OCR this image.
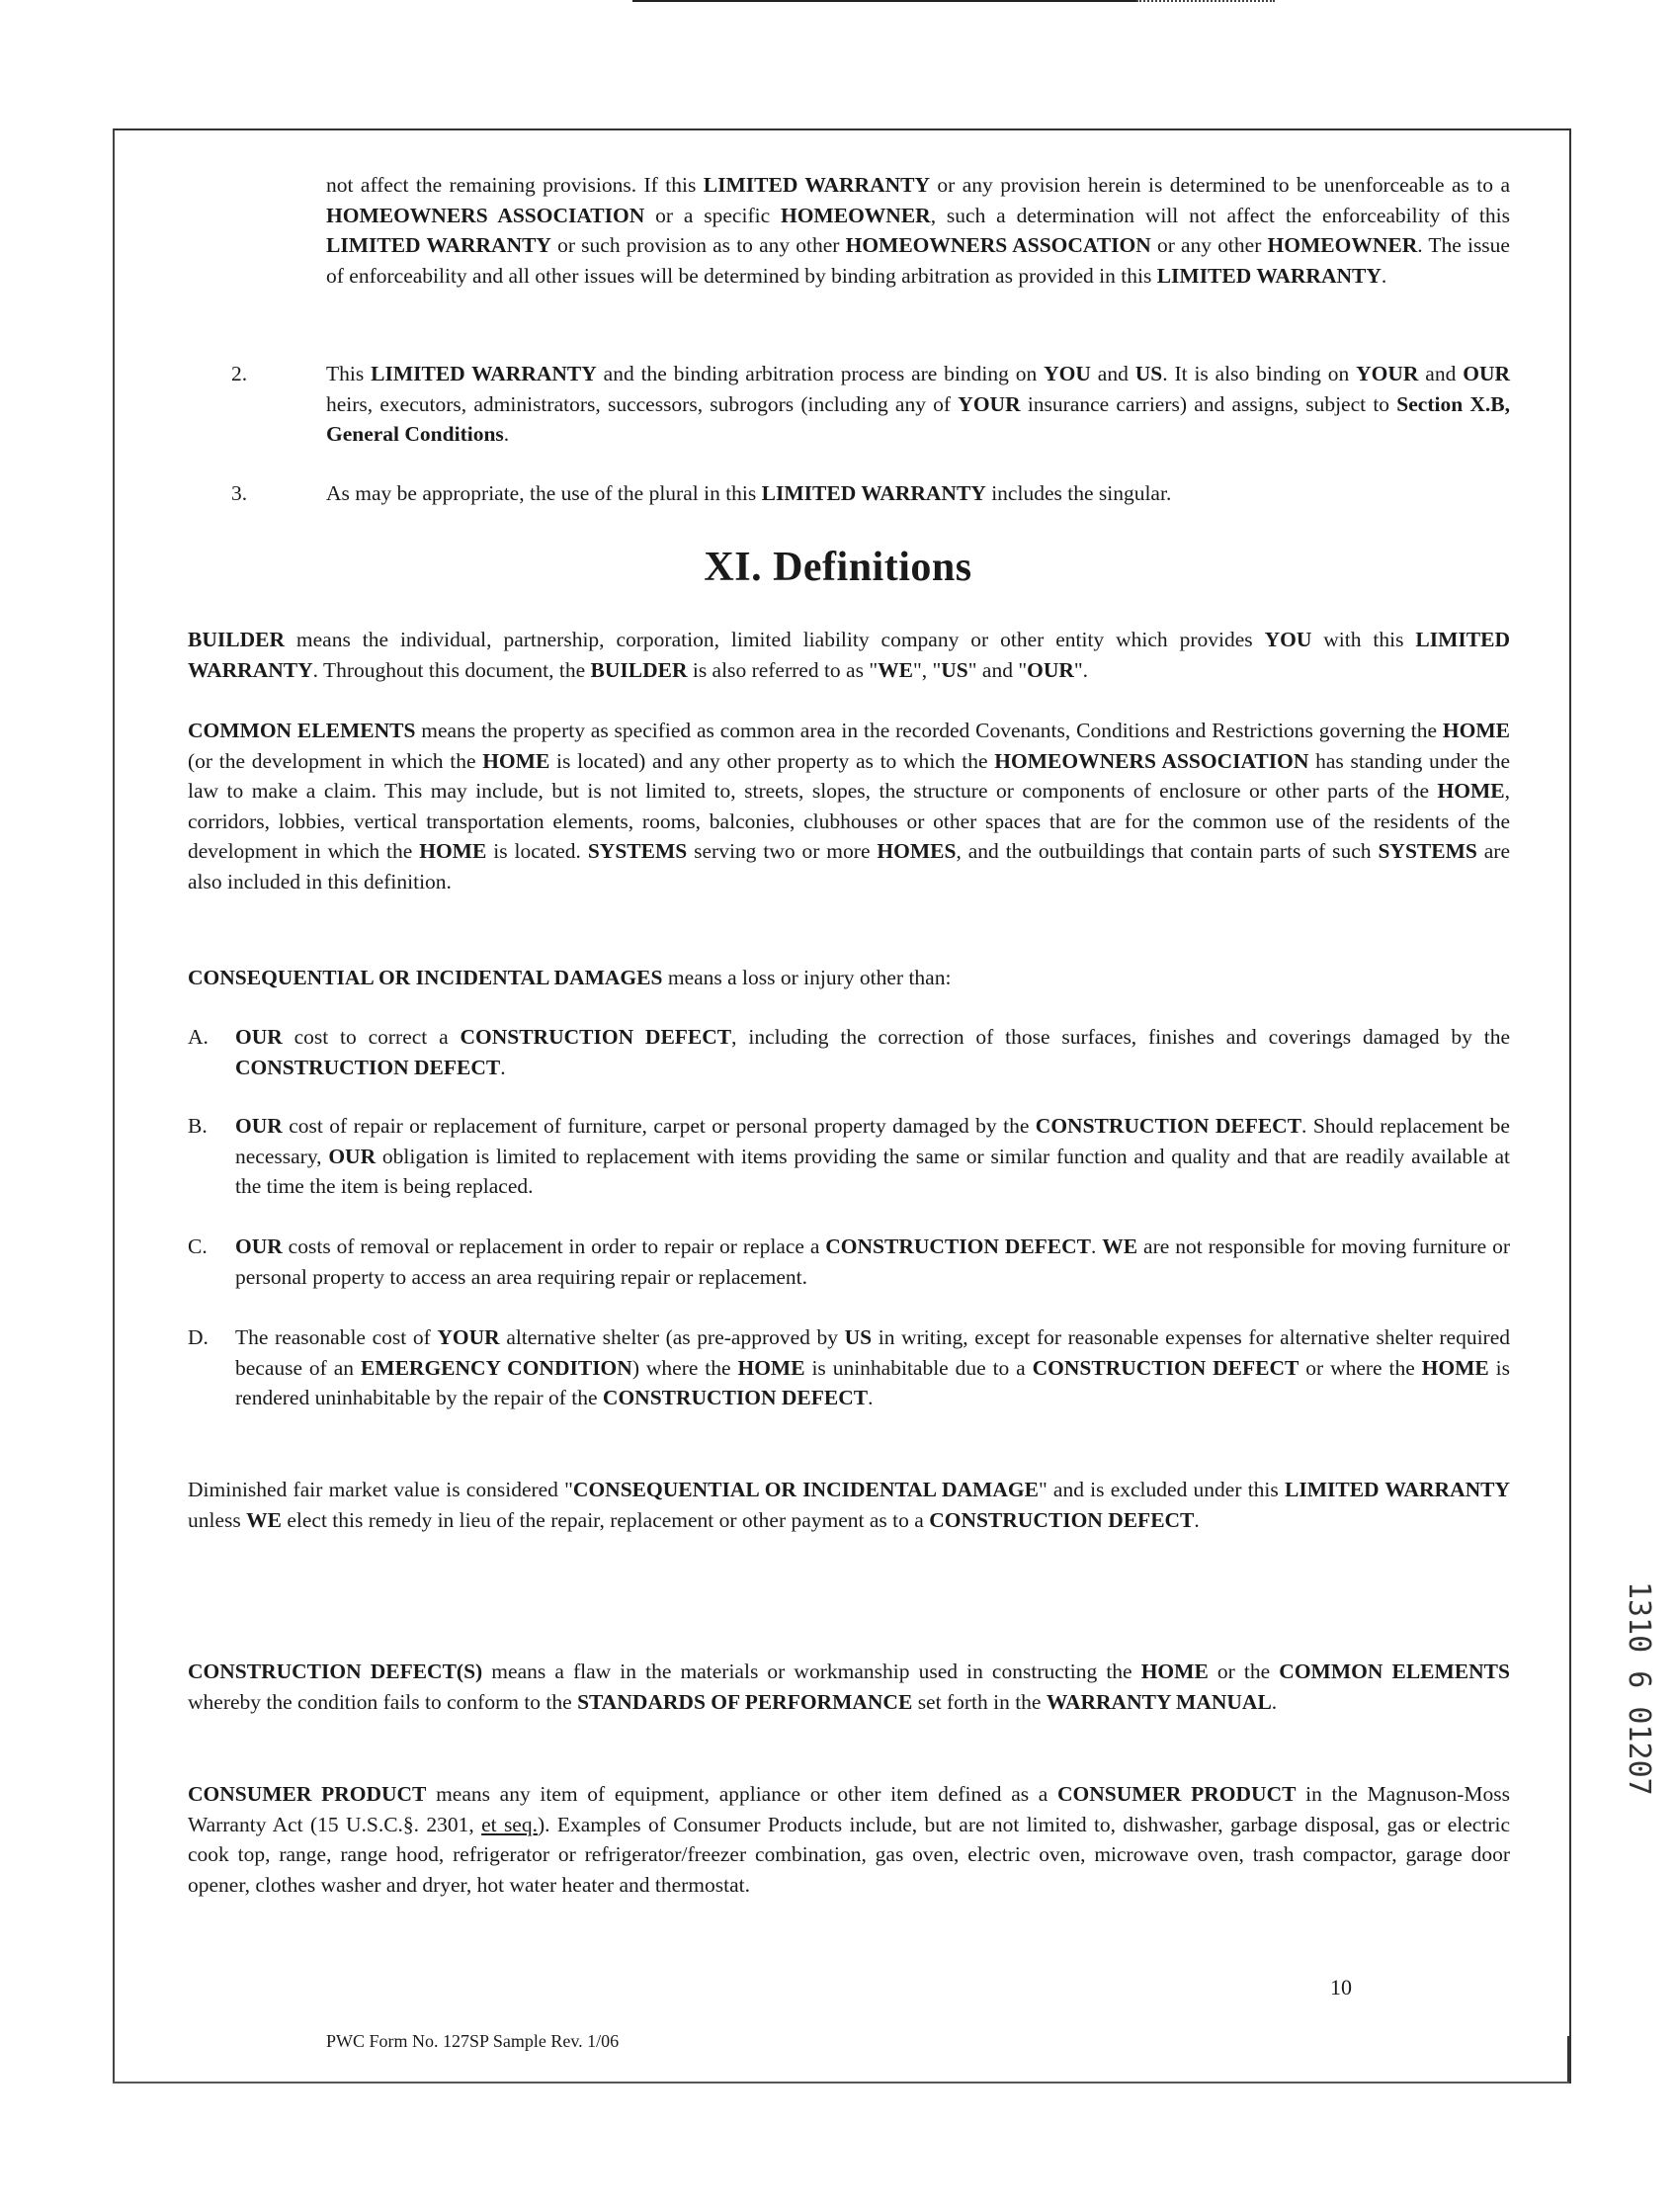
not affect the remaining provisions. If this LIMITED WARRANTY or any provision herein is determined to be unenforceable as to a HOMEOWNERS ASSOCIATION or a specific HOMEOWNER, such a determination will not affect the enforceability of this LIMITED WARRANTY or such provision as to any other HOMEOWNERS ASSOCATION or any other HOMEOWNER. The issue of enforceability and all other issues will be determined by binding arbitration as provided in this LIMITED WARRANTY.
2.	This LIMITED WARRANTY and the binding arbitration process are binding on YOU and US. It is also binding on YOUR and OUR heirs, executors, administrators, successors, subrogors (including any of YOUR insurance carriers) and assigns, subject to Section X.B, General Conditions.
3.	As may be appropriate, the use of the plural in this LIMITED WARRANTY includes the singular.
XI. Definitions
BUILDER means the individual, partnership, corporation, limited liability company or other entity which provides YOU with this LIMITED WARRANTY. Throughout this document, the BUILDER is also referred to as "WE", "US" and "OUR".
COMMON ELEMENTS means the property as specified as common area in the recorded Covenants, Conditions and Restrictions governing the HOME (or the development in which the HOME is located) and any other property as to which the HOMEOWNERS ASSOCIATION has standing under the law to make a claim. This may include, but is not limited to, streets, slopes, the structure or components of enclosure or other parts of the HOME, corridors, lobbies, vertical transportation elements, rooms, balconies, clubhouses or other spaces that are for the common use of the residents of the development in which the HOME is located. SYSTEMS serving two or more HOMES, and the outbuildings that contain parts of such SYSTEMS are also included in this definition.
CONSEQUENTIAL OR INCIDENTAL DAMAGES means a loss or injury other than:
A. OUR cost to correct a CONSTRUCTION DEFECT, including the correction of those surfaces, finishes and coverings damaged by the CONSTRUCTION DEFECT.
B. OUR cost of repair or replacement of furniture, carpet or personal property damaged by the CONSTRUCTION DEFECT. Should replacement be necessary, OUR obligation is limited to replacement with items providing the same or similar function and quality and that are readily available at the time the item is being replaced.
C. OUR costs of removal or replacement in order to repair or replace a CONSTRUCTION DEFECT. WE are not responsible for moving furniture or personal property to access an area requiring repair or replacement.
D. The reasonable cost of YOUR alternative shelter (as pre-approved by US in writing, except for reasonable expenses for alternative shelter required because of an EMERGENCY CONDITION) where the HOME is uninhabitable due to a CONSTRUCTION DEFECT or where the HOME is rendered uninhabitable by the repair of the CONSTRUCTION DEFECT.
Diminished fair market value is considered "CONSEQUENTIAL OR INCIDENTAL DAMAGE" and is excluded under this LIMITED WARRANTY unless WE elect this remedy in lieu of the repair, replacement or other payment as to a CONSTRUCTION DEFECT.
CONSTRUCTION DEFECT(S) means a flaw in the materials or workmanship used in constructing the HOME or the COMMON ELEMENTS whereby the condition fails to conform to the STANDARDS OF PERFORMANCE set forth in the WARRANTY MANUAL.
CONSUMER PRODUCT means any item of equipment, appliance or other item defined as a CONSUMER PRODUCT in the Magnuson-Moss Warranty Act (15 U.S.C.§. 2301, et seq.). Examples of Consumer Products include, but are not limited to, dishwasher, garbage disposal, gas or electric cook top, range, range hood, refrigerator or refrigerator/freezer combination, gas oven, electric oven, microwave oven, trash compactor, garage door opener, clothes washer and dryer, hot water heater and thermostat.
10
PWC Form No. 127SP Sample Rev. 1/06
1310 6 01207
